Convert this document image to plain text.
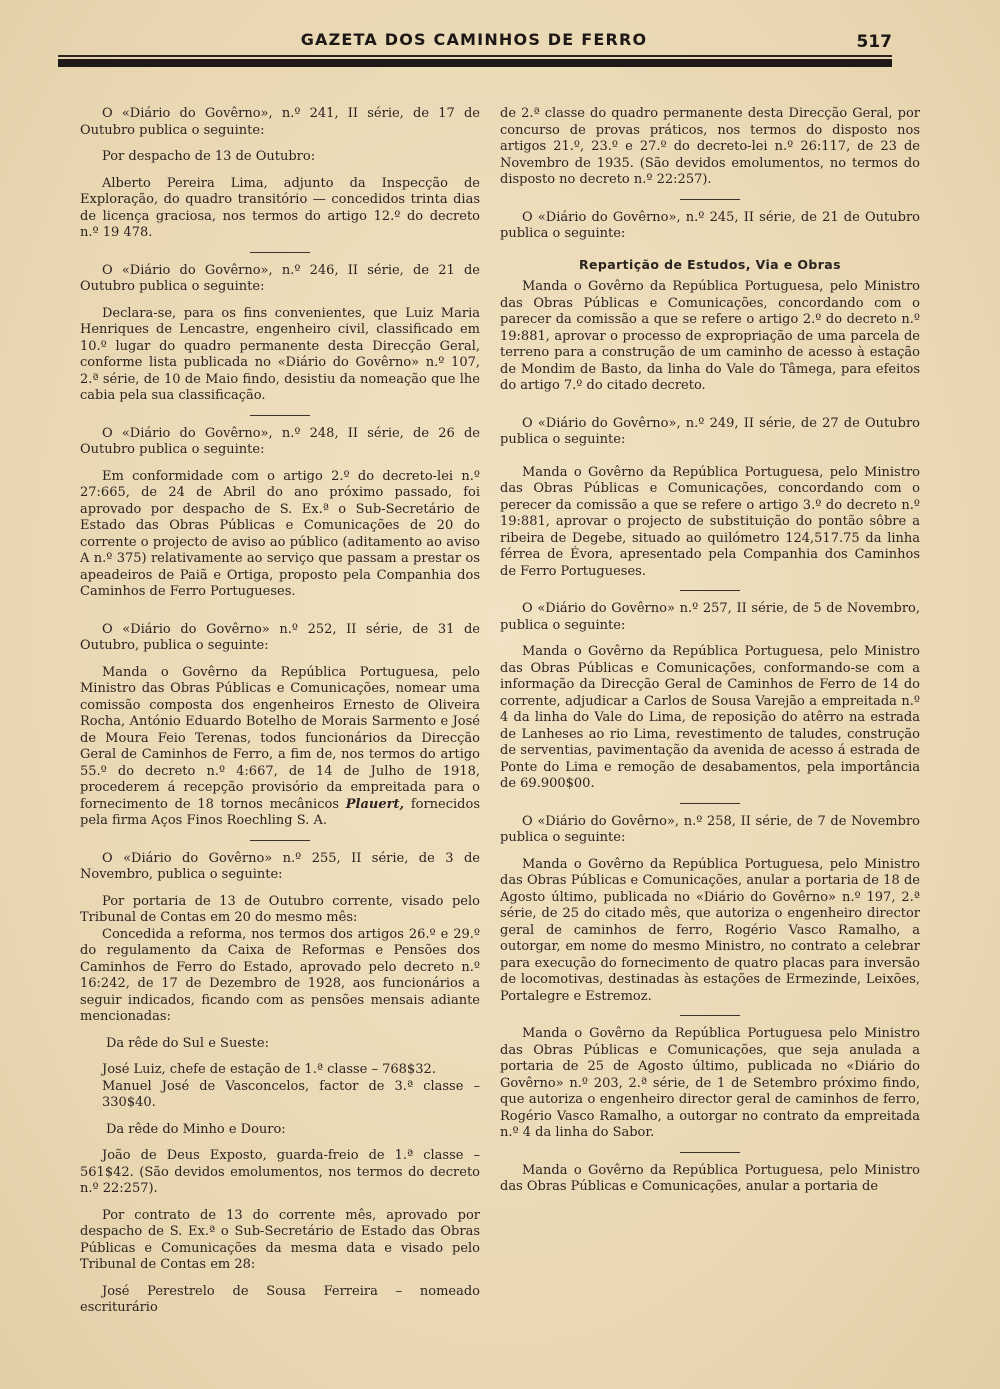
GAZETA DOS CAMINHOS DE FERRO	517

O «Diário do Govêrno», n.º 241, II série, de 17 de Outubro publica o seguinte:

Por despacho de 13 de Outubro:

Alberto Pereira Lima, adjunto da Inspecção de Exploração, do quadro transitório — concedidos trinta dias de licença graciosa, nos termos do artigo 12.º do decreto n.º 19 478.

O «Diário do Govêrno», n.º 246, II série, de 21 de Outubro publica o seguinte:

Declara-se, para os fins convenientes, que Luiz Maria Henriques de Lencastre, engenheiro civil, classificado em 10.º lugar do quadro permanente desta Direcção Geral, conforme lista publicada no «Diário do Govêrno» n.º 107, 2.ª série, de 10 de Maio findo, desistiu da nomeação que lhe cabia pela sua classificação.

O «Diário do Govêrno», n.º 248, II série, de 26 de Outubro publica o seguinte:

Em conformidade com o artigo 2.º do decreto-lei n.º 27:665, de 24 de Abril do ano próximo passado, foi aprovado por despacho de S. Ex.ª o Sub-Secretário de Estado das Obras Públicas e Comunicações de 20 do corrente o projecto de aviso ao público (aditamento ao aviso A n.º 375) relativamente ao serviço que passam a prestar os apeadeiros de Paiã e Ortiga, proposto pela Companhia dos Caminhos de Ferro Portugueses.

O «Diário do Govêrno» n.º 252, II série, de 31 de Outubro, publica o seguinte:

Manda o Govêrno da República Portuguesa, pelo Ministro das Obras Públicas e Comunicações, nomear uma comissão composta dos engenheiros Ernesto de Oliveira Rocha, António Eduardo Botelho de Morais Sarmento e José de Moura Feio Terenas, todos funcionários da Direcção Geral de Caminhos de Ferro, a fim de, nos termos do artigo 55.º do decreto n.º 4:667, de 14 de Julho de 1918, procederem á recepção provisório da empreitada para o fornecimento de 18 tornos mecânicos Plauert, fornecidos pela firma Aços Finos Roechling S. A.

O «Diário do Govêrno» n.º 255, II série, de 3 de Novembro, publica o seguinte:

Por portaria de 13 de Outubro corrente, visado pelo Tribunal de Contas em 20 do mesmo mês:

Concedida a reforma, nos termos dos artigos 26.º e 29.º do regulamento da Caixa de Reformas e Pensões dos Caminhos de Ferro do Estado, aprovado pelo decreto n.º 16:242, de 17 de Dezembro de 1928, aos funcionários a seguir indicados, ficando com as pensões mensais adiante mencionadas:

Da rêde do Sul e Sueste:

José Luiz, chefe de estação de 1.ª classe – 768$32.

Manuel José de Vasconcelos, factor de 3.ª classe – 330$40.

Da rêde do Minho e Douro:

João de Deus Exposto, guarda-freio de 1.ª classe – 561$42. (São devidos emolumentos, nos termos do decreto n.º 22:257).

Por contrato de 13 do corrente mês, aprovado por despacho de S. Ex.ª o Sub-Secretário de Estado das Obras Públicas e Comunicações da mesma data e visado pelo Tribunal de Contas em 28:

José Perestrelo de Sousa Ferreira – nomeado escriturário

de 2.ª classe do quadro permanente desta Direcção Geral, por concurso de provas práticos, nos termos do disposto nos artigos 21.º, 23.º e 27.º do decreto-lei n.º 26:117, de 23 de Novembro de 1935. (São devidos emolumentos, no termos do disposto no decreto n.º 22:257).

O «Diário do Govêrno», n.º 245, II série, de 21 de Outubro publica o seguinte:

Repartição de Estudos, Via e Obras

Manda o Govêrno da República Portuguesa, pelo Ministro das Obras Públicas e Comunicações, concordando com o parecer da comissão a que se refere o artigo 2.º do decreto n.º 19:881, aprovar o processo de expropriação de uma parcela de terreno para a construção de um caminho de acesso à estação de Mondim de Basto, da linha do Vale do Tâmega, para efeitos do artigo 7.º do citado decreto.

O «Diário do Govêrno», n.º 249, II série, de 27 de Outubro publica o seguinte:

Manda o Govêrno da República Portuguesa, pelo Ministro das Obras Públicas e Comunicações, concordando com o perecer da comissão a que se refere o artigo 3.º do decreto n.º 19:881, aprovar o projecto de substituição do pontão sôbre a ribeira de Degebe, situado ao quilómetro 124,517.75 da linha férrea de Évora, apresentado pela Companhia dos Caminhos de Ferro Portugueses.

O «Diário do Govêrno» n.º 257, II série, de 5 de Novembro, publica o seguinte:

Manda o Govêrno da República Portuguesa, pelo Ministro das Obras Públicas e Comunicações, conformando-se com a informação da Direcção Geral de Caminhos de Ferro de 14 do corrente, adjudicar a Carlos de Sousa Varejão a empreitada n.º 4 da linha do Vale do Lima, de reposição do atêrro na estrada de Lanheses ao rio Lima, revestimento de taludes, construção de serventias, pavimentação da avenida de acesso á estrada de Ponte do Lima e remoção de desabamentos, pela importância de 69.900$00.

O «Diário do Govêrno», n.º 258, II série, de 7 de Novembro publica o seguinte:

Manda o Govêrno da República Portuguesa, pelo Ministro das Obras Públicas e Comunicações, anular a portaria de 18 de Agosto último, publicada no «Diário do Govêrno» n.º 197, 2.ª série, de 25 do citado mês, que autoriza o engenheiro director geral de caminhos de ferro, Rogério Vasco Ramalho, a outorgar, em nome do mesmo Ministro, no contrato a celebrar para execução do fornecimento de quatro placas para inversão de locomotivas, destinadas às estações de Ermezinde, Leixões, Portalegre e Estremoz.

Manda o Govêrno da República Portuguesa pelo Ministro das Obras Públicas e Comunicações, que seja anulada a portaria de 25 de Agosto último, publicada no «Diário do Govêrno» n.º 203, 2.ª série, de 1 de Setembro próximo findo, que autoriza o engenheiro director geral de caminhos de ferro, Rogério Vasco Ramalho, a outorgar no contrato da empreitada n.º 4 da linha do Sabor.

Manda o Govêrno da República Portuguesa, pelo Ministro das Obras Públicas e Comunicações, anular a portaria de
